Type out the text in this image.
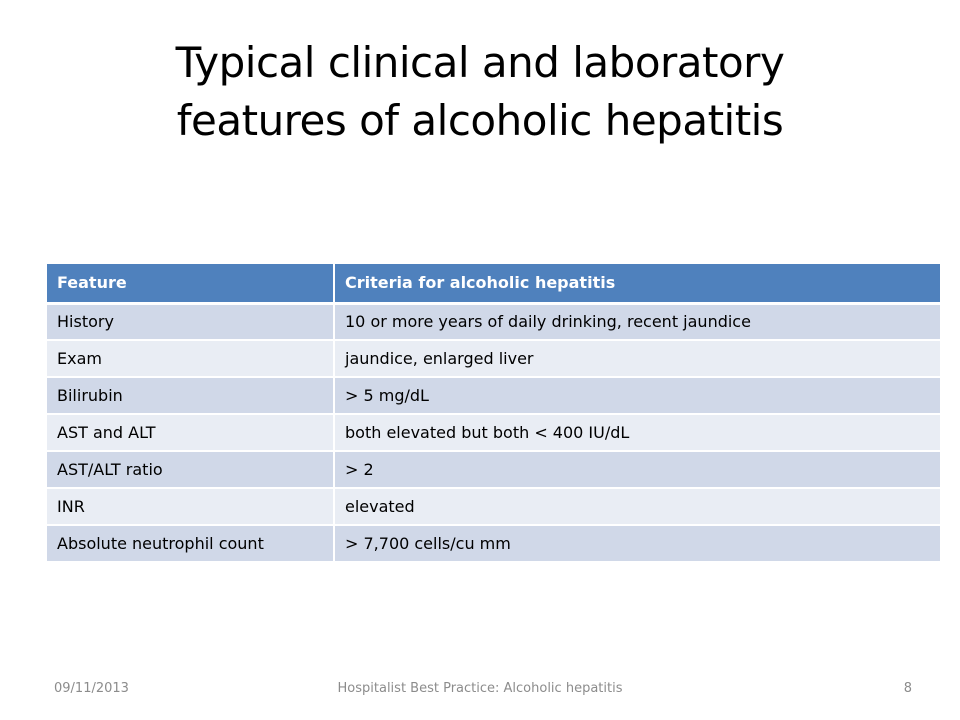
Typical clinical and laboratory
features of alcoholic hepatitis
Feature	Criteria for alcoholic hepatitis
History	10 or more years of daily drinking, recent jaundice
Exam	jaundice, enlarged liver
Bilirubin	> 5 mg/dL
AST and ALT	both elevated but both < 400 IU/dL
AST/ALT ratio	> 2
INR	elevated
Absolute neutrophil count	> 7,700 cells/cu mm
09/11/2013	Hospitalist Best Practice: Alcoholic hepatitis	8
